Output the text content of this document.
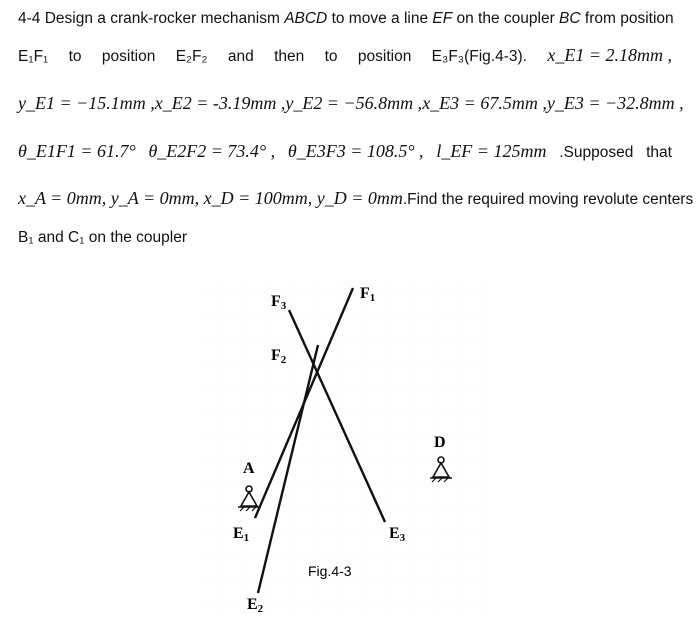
4-4 Design a crank-rocker mechanism ABCD to move a line EF on the coupler BC from position
E₁F₁ to position E₂F₂ and then to position E₃F₃(Fig.4-3). x_E1 = 2.18mm ,
y_E1 = −15.1mm , x_E2 = -3.19mm , y_E2 = −56.8mm , x_E3 = 67.5mm , y_E3 = −32.8mm ,
θ_E1F1 = 61.7° θ_E2F2 = 73.4° , θ_E3F3 = 108.5° , l_EF = 125mm .Supposed that
x_A = 0mm, y_A = 0mm, x_D = 100mm, y_D = 0mm .Find the required moving revolute centers
B₁ and C₁ on the coupler
A
D
E1
E2
E3
F1
F2
F3
Fig.4-3
